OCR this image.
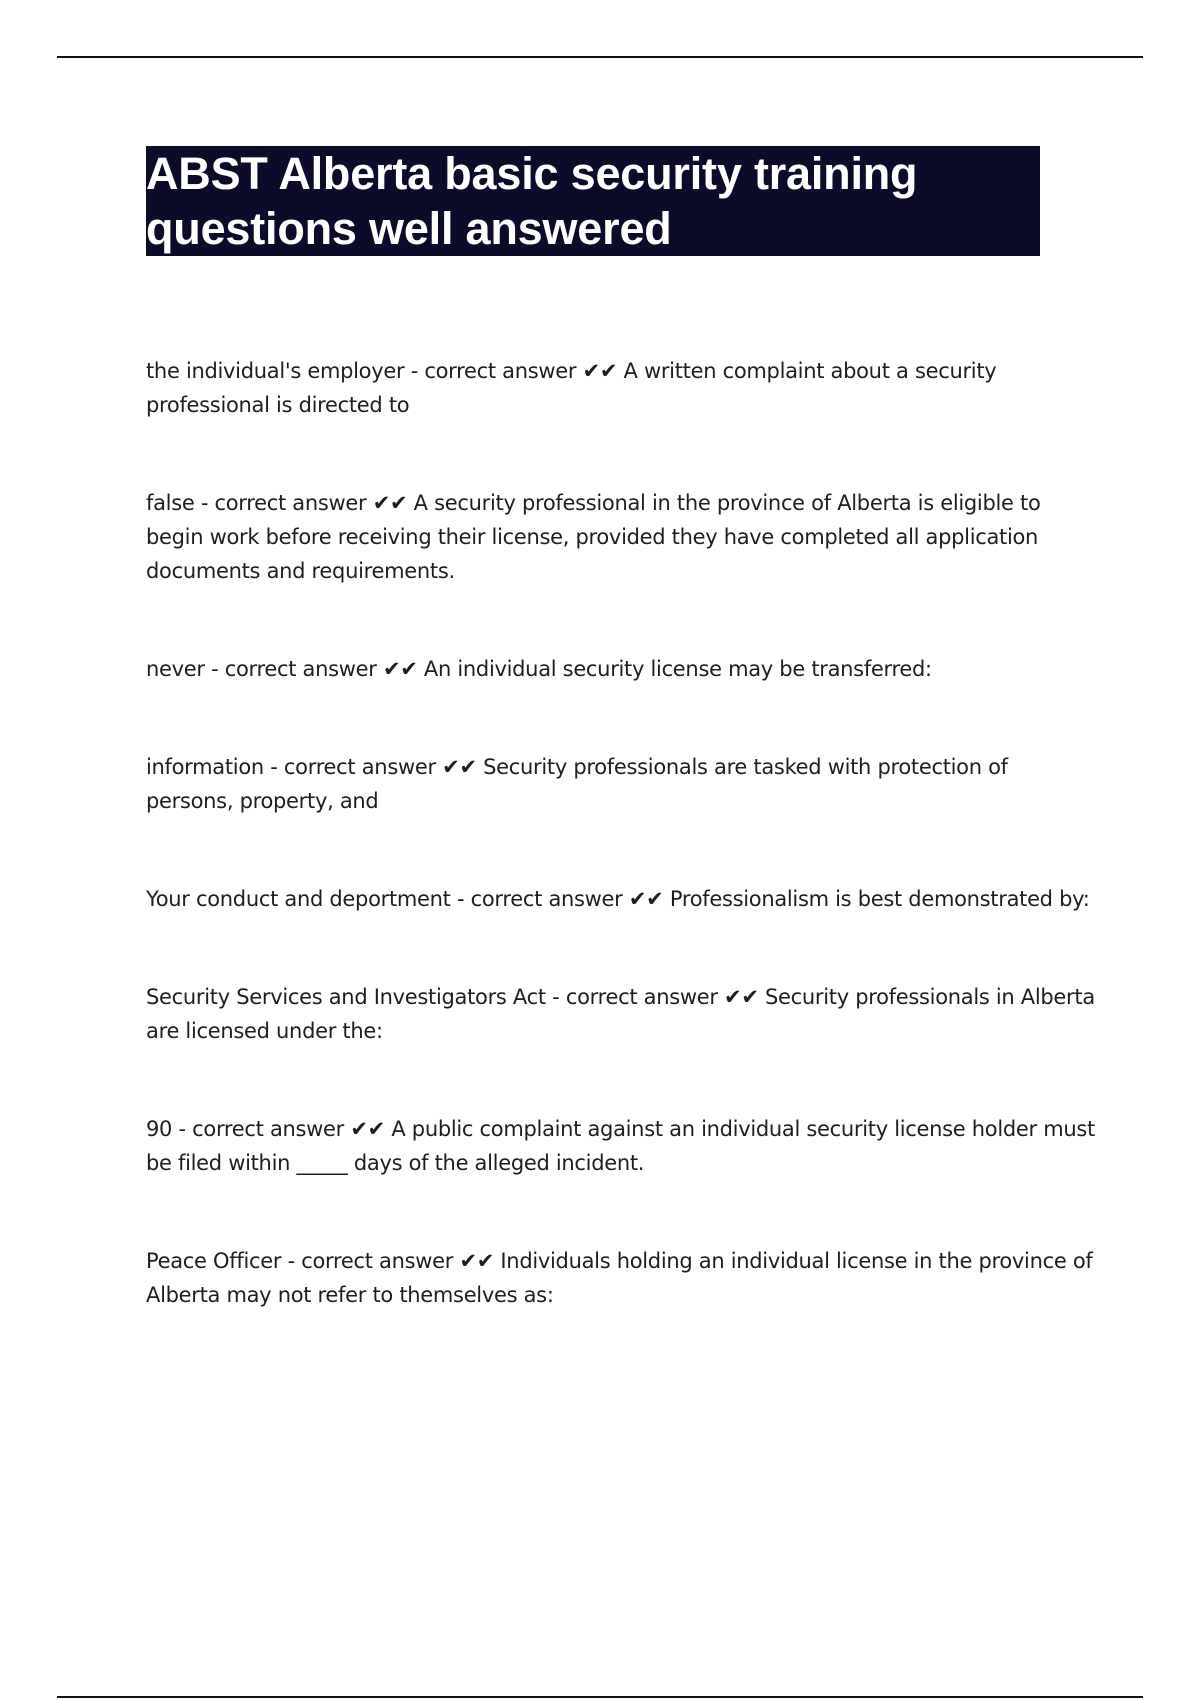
ABST Alberta basic security training questions well answered

the individual's employer - correct answer ✔✔ A written complaint about a security professional is directed to

false - correct answer ✔✔ A security professional in the province of Alberta is eligible to begin work before receiving their license, provided they have completed all application documents and requirements.

never - correct answer ✔✔ An individual security license may be transferred:

information - correct answer ✔✔ Security professionals are tasked with protection of persons, property, and

Your conduct and deportment - correct answer ✔✔ Professionalism is best demonstrated by:

Security Services and Investigators Act - correct answer ✔✔ Security professionals in Alberta are licensed under the:

90 - correct answer ✔✔ A public complaint against an individual security license holder must be filed within _____ days of the alleged incident.

Peace Officer - correct answer ✔✔ Individuals holding an individual license in the province of Alberta may not refer to themselves as:
